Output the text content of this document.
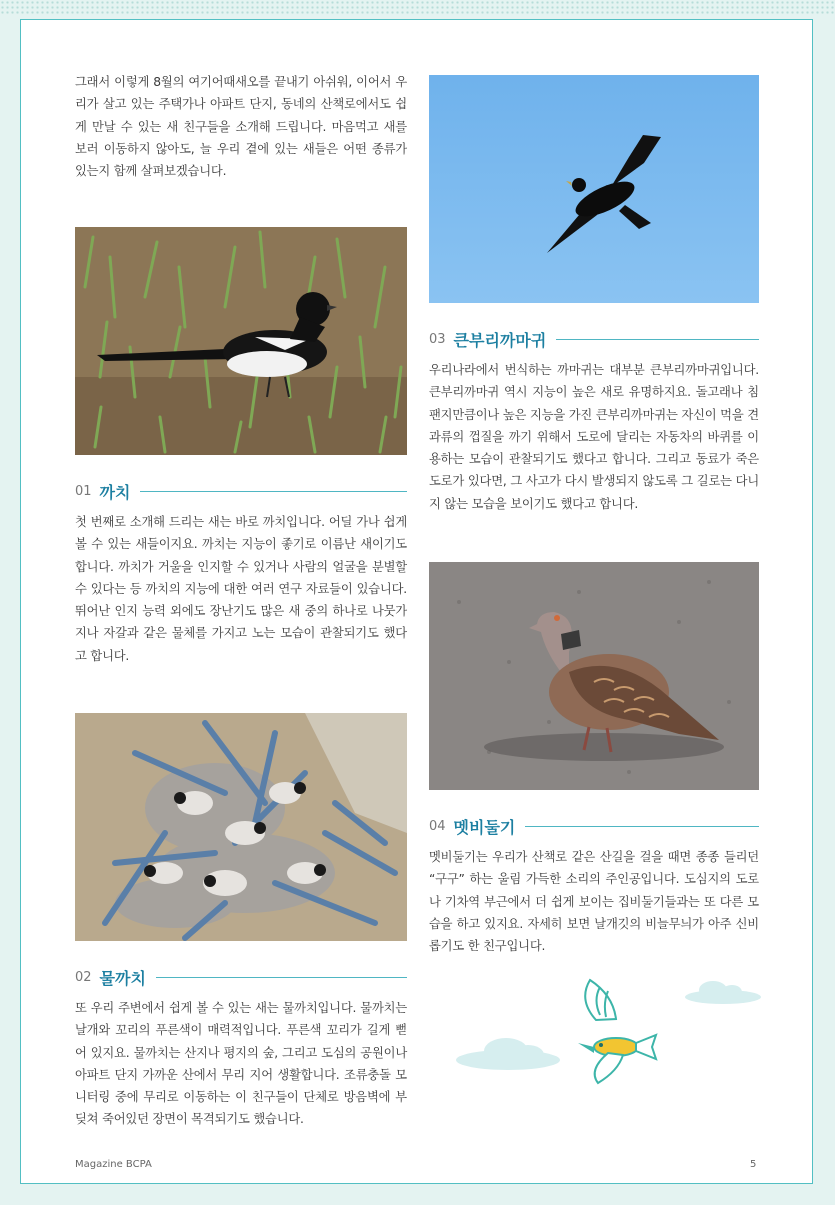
그래서 이렇게 8월의 여기어때새오를 끝내기 아쉬워, 이어서 우리가 살고 있는 주택가나 아파트 단지, 동네의 산책로에서도 쉽게 만날 수 있는 새 친구들을 소개해 드립니다. 마음먹고 새를 보러 이동하지 않아도, 늘 우리 곁에 있는 새들은 어떤 종류가 있는지 함께 살펴보겠습니다.

01 까치

첫 번째로 소개해 드리는 새는 바로 까치입니다. 어딜 가나 쉽게 볼 수 있는 새들이지요. 까치는 지능이 좋기로 이름난 새이기도 합니다. 까치가 거울을 인지할 수 있거나 사람의 얼굴을 분별할 수 있다는 등 까치의 지능에 대한 여러 연구 자료들이 있습니다. 뛰어난 인지 능력 외에도 장난기도 많은 새 중의 하나로 나뭇가지나 자갈과 같은 물체를 가지고 노는 모습이 관찰되기도 했다고 합니다.

02 물까치

또 우리 주변에서 쉽게 볼 수 있는 새는 물까치입니다. 물까치는 날개와 꼬리의 푸른색이 매력적입니다. 푸른색 꼬리가 길게 뻗어 있지요. 물까치는 산지나 평지의 숲, 그리고 도심의 공원이나 아파트 단지 가까운 산에서 무리 지어 생활합니다. 조류충돌 모니터링 중에 무리로 이동하는 이 친구들이 단체로 방음벽에 부딪쳐 죽어있던 장면이 목격되기도 했습니다.

03 큰부리까마귀

우리나라에서 번식하는 까마귀는 대부분 큰부리까마귀입니다. 큰부리까마귀 역시 지능이 높은 새로 유명하지요. 돌고래나 침팬지만큼이나 높은 지능을 가진 큰부리까마귀는 자신이 먹을 견과류의 껍질을 까기 위해서 도로에 달리는 자동차의 바퀴를 이용하는 모습이 관찰되기도 했다고 합니다. 그리고 동료가 죽은 도로가 있다면, 그 사고가 다시 발생되지 않도록 그 길로는 다니지 않는 모습을 보이기도 했다고 합니다.

04 멧비둘기

멧비둘기는 우리가 산책로 같은 산길을 걸을 때면 종종 들리던 “구구” 하는 울림 가득한 소리의 주인공입니다. 도심지의 도로나 기차역 부근에서 더 쉽게 보이는 집비둘기들과는 또 다른 모습을 하고 있지요. 자세히 보면 날개깃의 비늘무늬가 아주 신비롭기도 한 친구입니다.

Magazine BCPA	5
